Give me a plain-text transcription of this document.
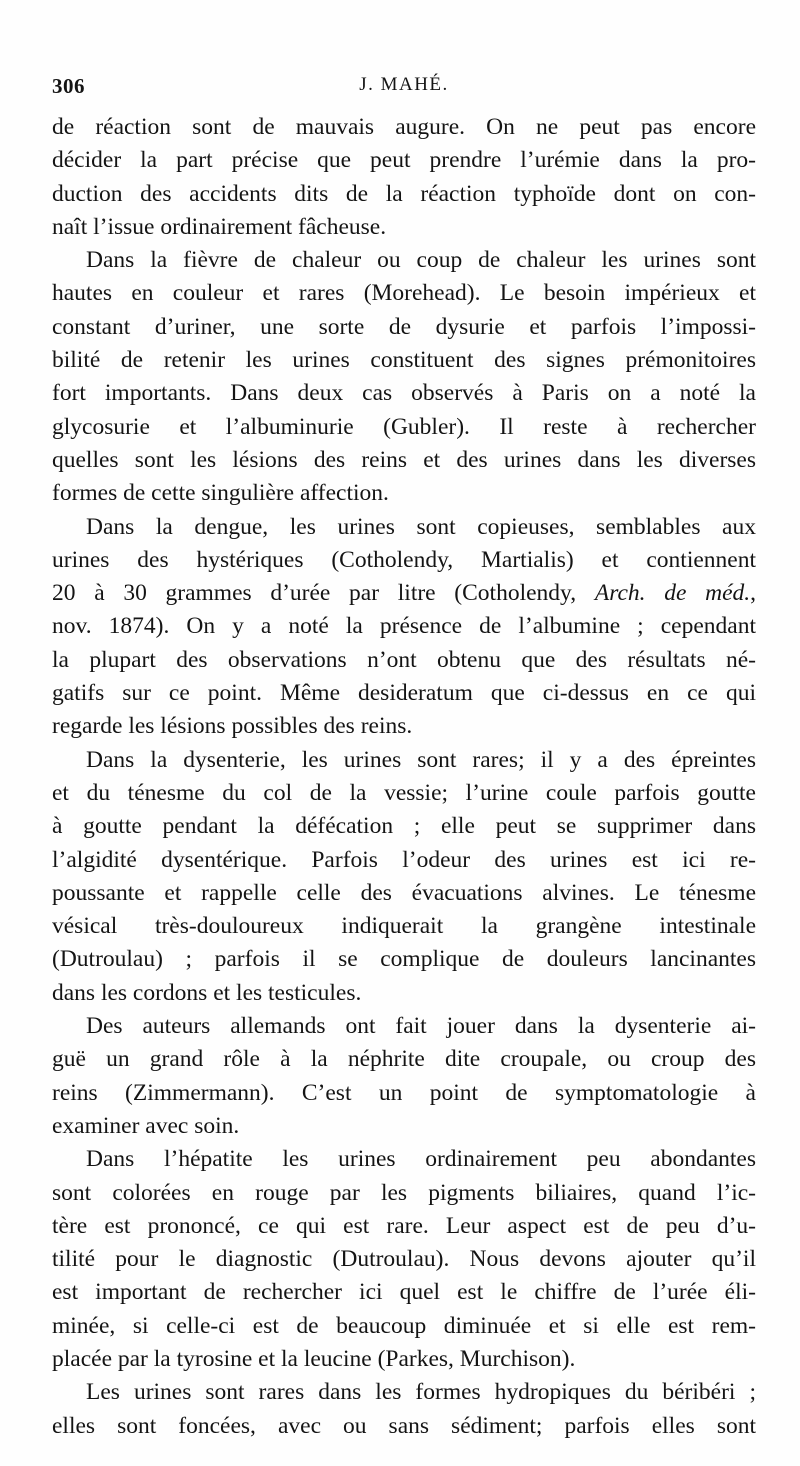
306	J. MAHÉ.
de réaction sont de mauvais augure. On ne peut pas encore
décider la part précise que peut prendre l’urémie dans la pro-
duction des accidents dits de la réaction typhoïde dont on con-
naît l’issue ordinairement fâcheuse.
Dans la fièvre de chaleur ou coup de chaleur les urines sont
hautes en couleur et rares (Morehead). Le besoin impérieux et
constant d’uriner, une sorte de dysurie et parfois l’impossi-
bilité de retenir les urines constituent des signes prémonitoires
fort importants. Dans deux cas observés à Paris on a noté la
glycosurie et l’albuminurie (Gubler). Il reste à rechercher
quelles sont les lésions des reins et des urines dans les diverses
formes de cette singulière affection.
Dans la dengue, les urines sont copieuses, semblables aux
urines des hystériques (Cotholendy, Martialis) et contiennent
20 à 30 grammes d’urée par litre (Cotholendy, Arch. de méd.,
nov. 1874). On y a noté la présence de l’albumine ; cependant
la plupart des observations n’ont obtenu que des résultats né-
gatifs sur ce point. Même desideratum que ci-dessus en ce qui
regarde les lésions possibles des reins.
Dans la dysenterie, les urines sont rares; il y a des épreintes
et du ténesme du col de la vessie; l’urine coule parfois goutte
à goutte pendant la défécation ; elle peut se supprimer dans
l’algidité dysentérique. Parfois l’odeur des urines est ici re-
poussante et rappelle celle des évacuations alvines. Le ténesme
vésical très-douloureux indiquerait la grangène intestinale
(Dutroulau) ; parfois il se complique de douleurs lancinantes
dans les cordons et les testicules.
Des auteurs allemands ont fait jouer dans la dysenterie ai-
guë un grand rôle à la néphrite dite croupale, ou croup des
reins (Zimmermann). C’est un point de symptomatologie à
examiner avec soin.
Dans l’hépatite les urines ordinairement peu abondantes
sont colorées en rouge par les pigments biliaires, quand l’ic-
tère est prononcé, ce qui est rare. Leur aspect est de peu d’u-
tilité pour le diagnostic (Dutroulau). Nous devons ajouter qu’il
est important de rechercher ici quel est le chiffre de l’urée éli-
minée, si celle-ci est de beaucoup diminuée et si elle est rem-
placée par la tyrosine et la leucine (Parkes, Murchison).
Les urines sont rares dans les formes hydropiques du béribéri ;
elles sont foncées, avec ou sans sédiment; parfois elles sont
